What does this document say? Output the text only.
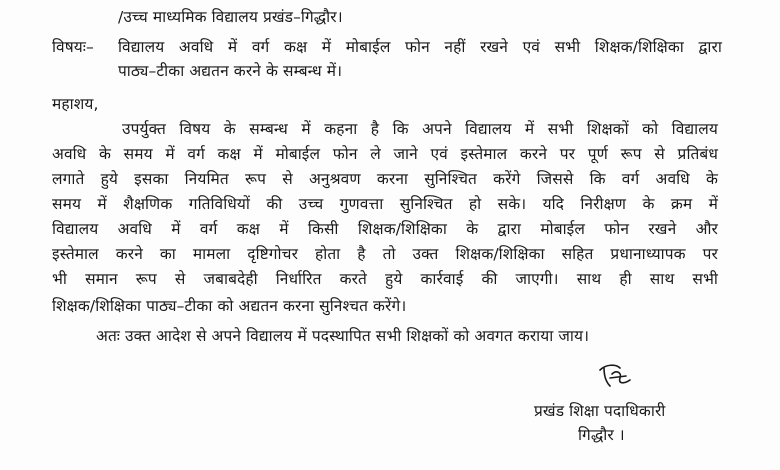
/उच्च माध्यमिक विद्यालय प्रखंड–गिद्धौर।
विषयः– विद्यालय अवधि में वर्ग कक्ष में मोबाईल फोन नहीं रखने एवं सभी शिक्षक/शिक्षिका द्वारा
पाठ्य–टीका अद्यतन करने के सम्बन्ध में।
महाशय,
उपर्युक्त विषय के सम्बन्ध में कहना है कि अपने विद्यालय में सभी शिक्षकों को विद्यालय
अवधि के समय में वर्ग कक्ष में मोबाईल फोन ले जाने एवं इस्तेमाल करने पर पूर्ण रूप से प्रतिबंध
लगाते हुये इसका नियमित रूप से अनुश्रवण करना सुनिश्चित करेंगे जिससे कि वर्ग अवधि के
समय में शैक्षणिक गतिविधियों की उच्च गुणवत्ता सुनिश्चित हो सके। यदि निरीक्षण के क्रम में
विद्यालय अवधि में वर्ग कक्ष में किसी शिक्षक/शिक्षिका के द्वारा मोबाईल फोन रखने और
इस्तेमाल करने का मामला दृष्टिगोचर होता है तो उक्त शिक्षक/शिक्षिका सहित प्रधानाध्यापक पर
भी समान रूप से जबाबदेही निर्धारित करते हुये कार्रवाई की जाएगी। साथ ही साथ सभी
शिक्षक/शिक्षिका पाठ्य–टीका को अद्यतन करना सुनिश्चत करेंगे।
अतः उक्त आदेश से अपने विद्यालय में पदस्थापित सभी शिक्षकों को अवगत कराया जाय।
प्रखंड शिक्षा पदाधिकारी
गिद्धौर ।
